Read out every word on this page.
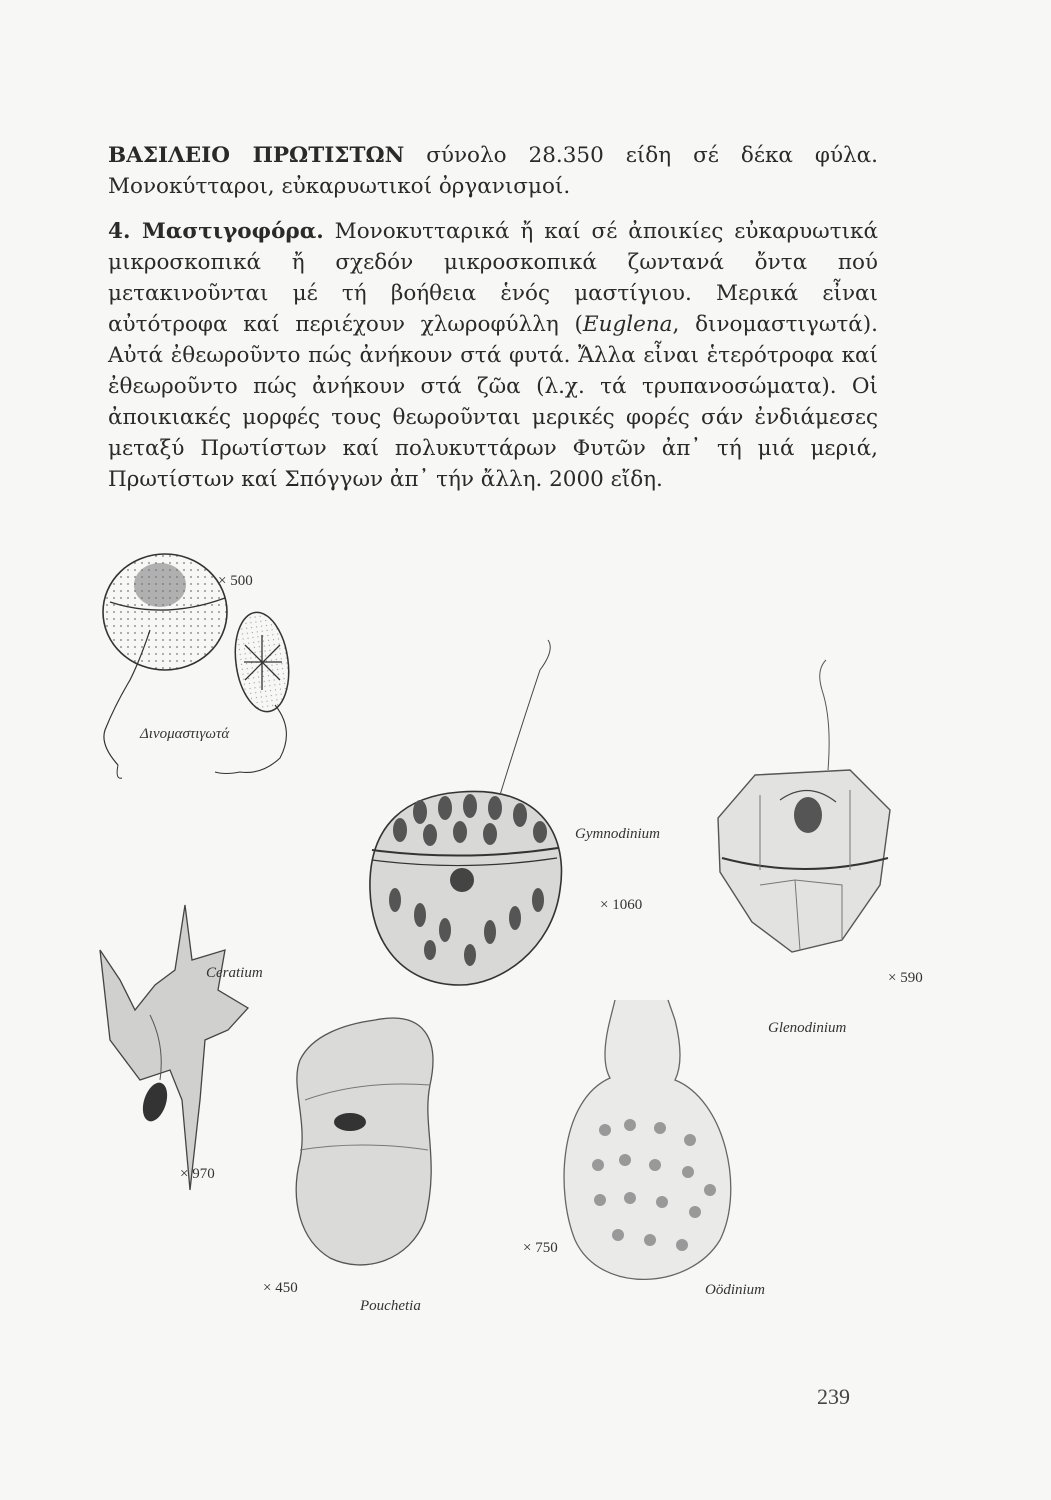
ΒΑΣΙΛΕΙΟ ΠΡΩΤΙΣΤΩΝ σύνολο 28.350 είδη σέ δέκα φύλα. Μονοκύτταροι, εὐκαρυωτικοί ὀργανισμοί.

4. Μαστιγοφόρα. Μονοκυτταρικά ἤ καί σέ ἀποικίες εὐκαρυωτικά μικροσκοπικά ἤ σχεδόν μικροσκοπικά ζωντανά ὄντα πού μετακινοῦνται μέ τή βοήθεια ἑνός μαστίγιου. Μερικά εἶναι αὐτότροφα καί περιέχουν χλωροφύλλη (Euglena, δινομαστιγωτά). Αὐτά ἐθεωροῦντο πώς ἀνήκουν στά φυτά. Ἄλλα εἶναι ἑτερότροφα καί ἐθεωροῦντο πώς ἀνήκουν στά ζῶα (λ.χ. τά τρυπανοσώματα). Οἱ ἀποικιακές μορφές τους θεωροῦνται μερικές φορές σάν ἐνδιάμεσες μεταξύ Πρωτίστων καί πολυκυττάρων Φυτῶν ἀπ᾽ τή μιά μεριά, Πρωτίστων καί Σπόγγων ἀπ᾽ τήν ἄλλη. 2000 εἴδη.

× 500
Δινομαστιγωτά
Gymnodinium
× 1060
× 590
Glenodinium
Ceratium
× 970
× 450
Pouchetia
× 750
Oödinium
239
